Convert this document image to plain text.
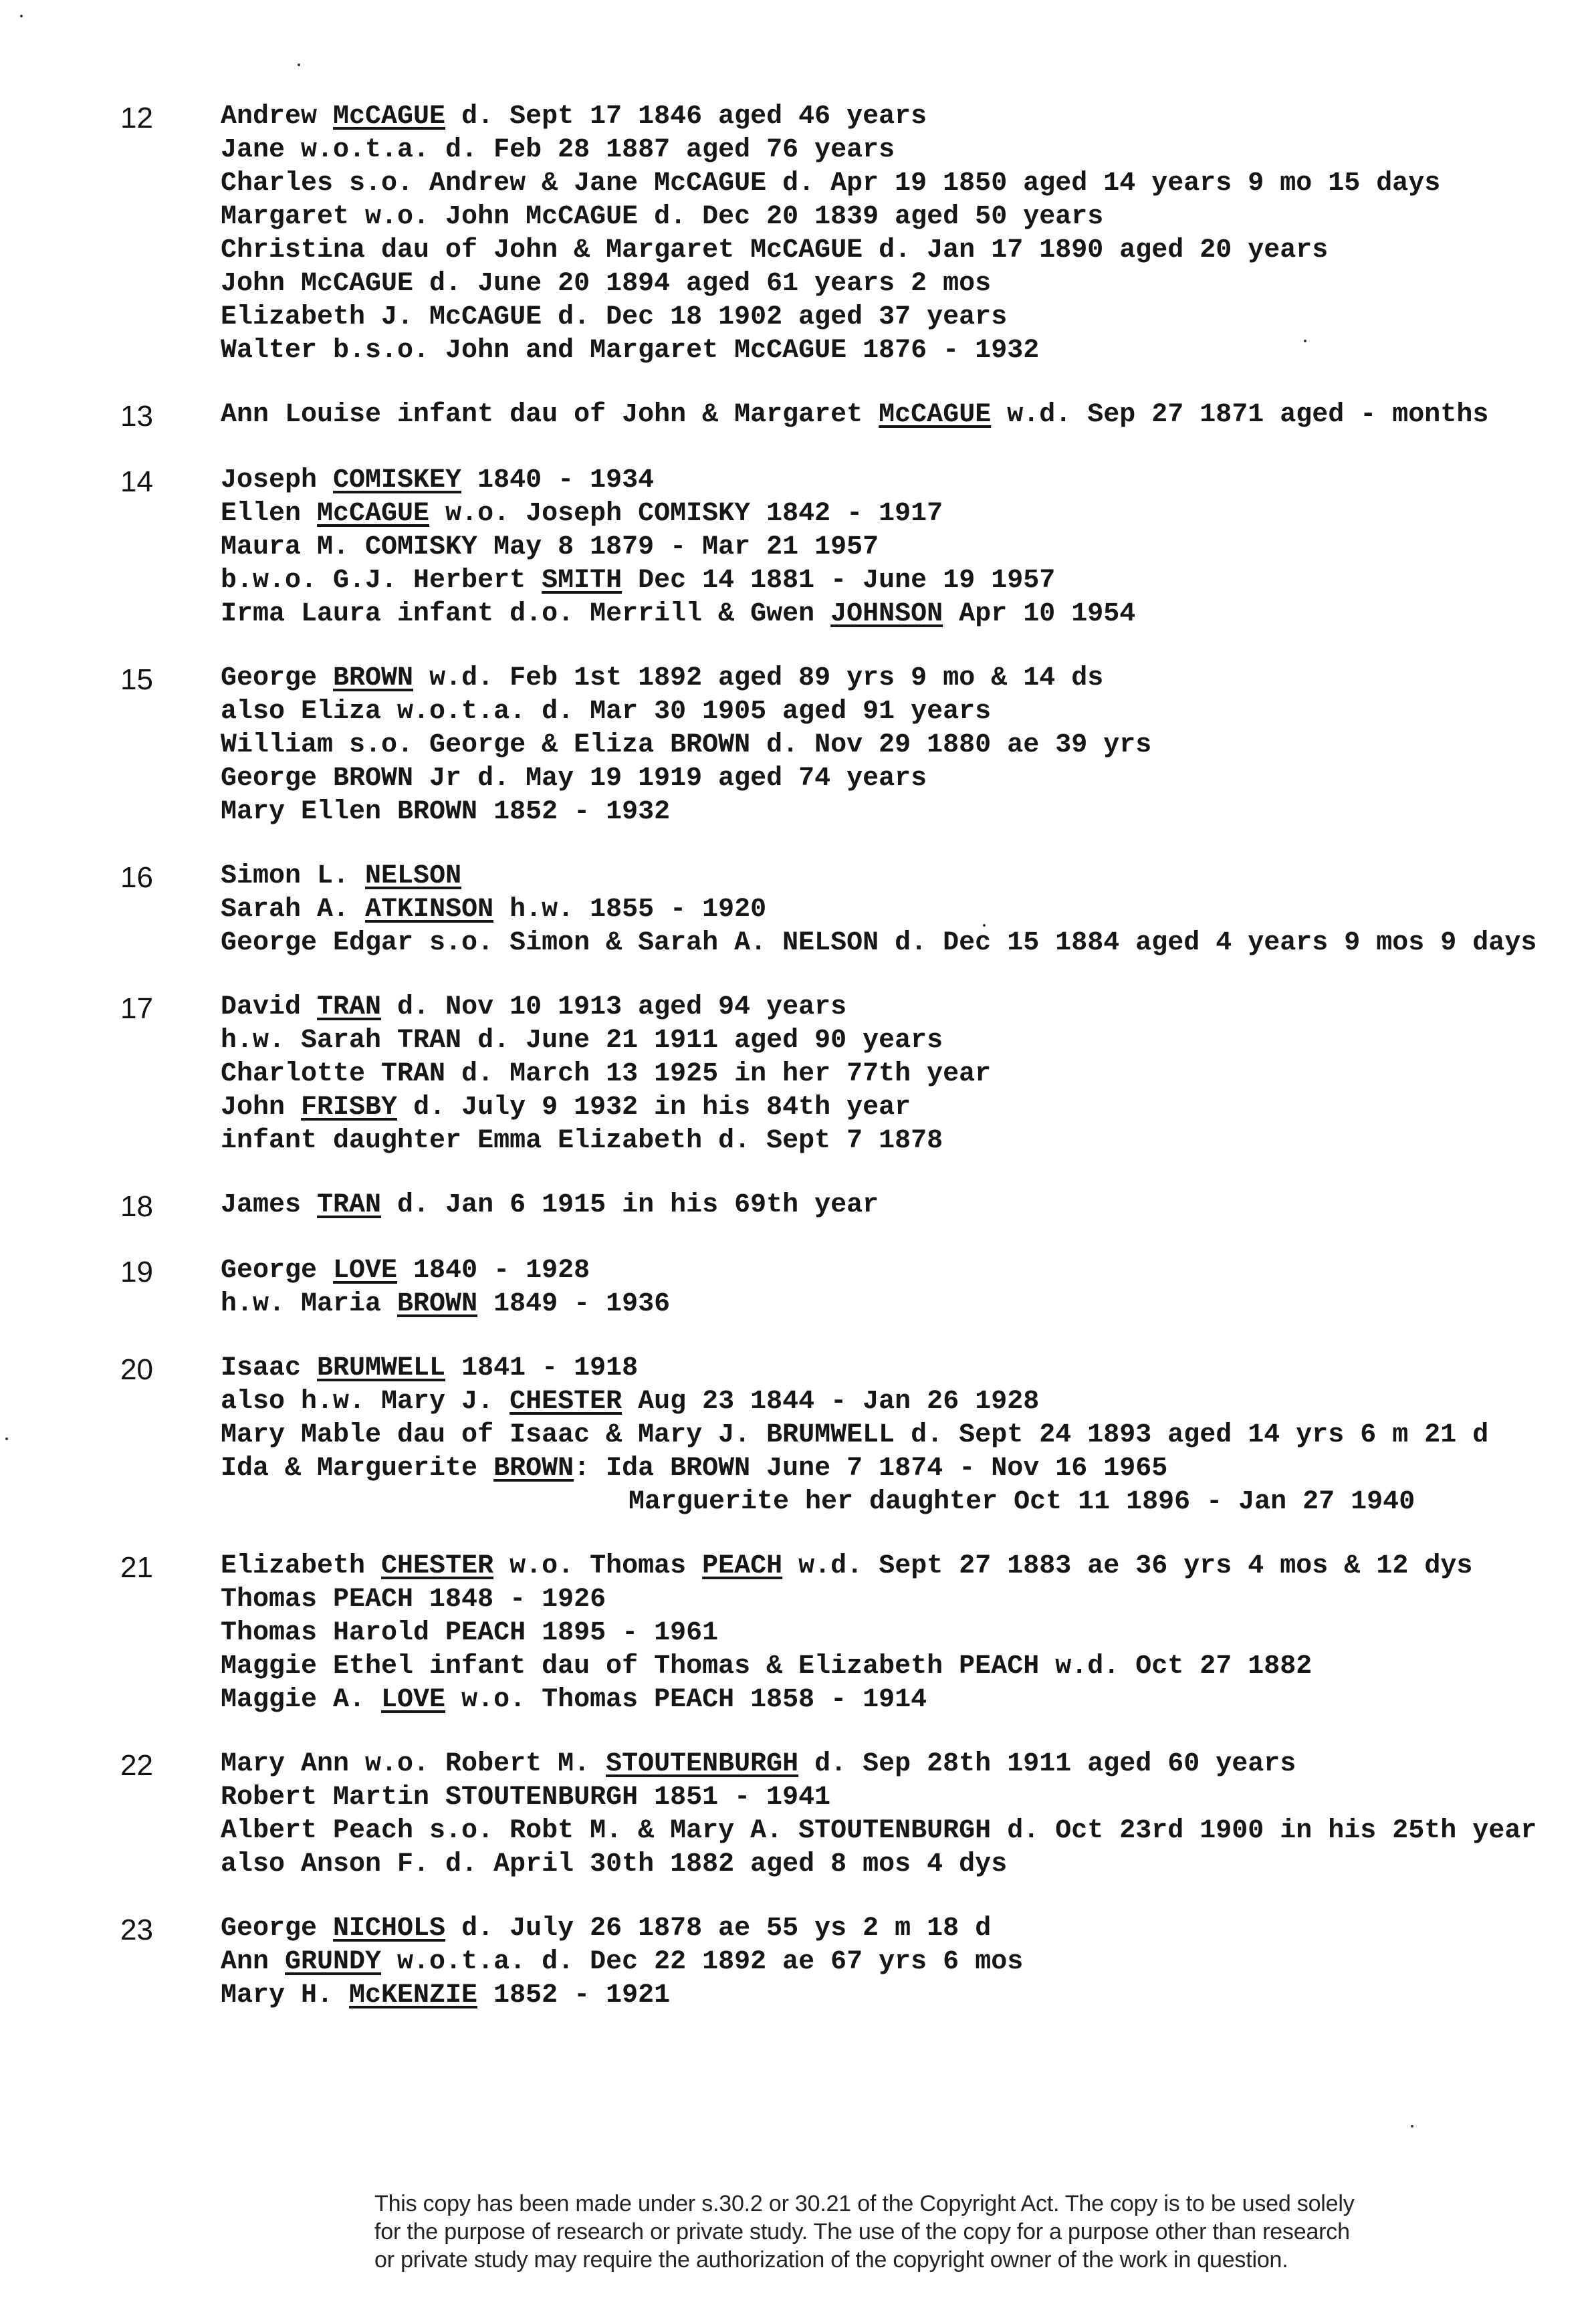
12	Andrew McCAGUE d. Sept 17 1846 aged 46 years
Jane w.o.t.a. d. Feb 28 1887 aged 76 years
Charles s.o. Andrew & Jane McCAGUE d. Apr 19 1850 aged 14 years 9 mo 15 days
Margaret w.o. John McCAGUE d. Dec 20 1839 aged 50 years
Christina dau of John & Margaret McCAGUE d. Jan 17 1890 aged 20 years
John McCAGUE d. June 20 1894 aged 61 years 2 mos
Elizabeth J. McCAGUE d. Dec 18 1902 aged 37 years
Walter b.s.o. John and Margaret McCAGUE 1876 - 1932
13	Ann Louise infant dau of John & Margaret McCAGUE w.d. Sep 27 1871 aged - months
14	Joseph COMISKEY 1840 - 1934
Ellen McCAGUE w.o. Joseph COMISKY 1842 - 1917
Maura M. COMISKY May 8 1879 - Mar 21 1957
b.w.o. G.J. Herbert SMITH Dec 14 1881 - June 19 1957
Irma Laura infant d.o. Merrill & Gwen JOHNSON Apr 10 1954
15	George BROWN w.d. Feb 1st 1892 aged 89 yrs 9 mo & 14 ds
also Eliza w.o.t.a. d. Mar 30 1905 aged 91 years
William s.o. George & Eliza BROWN d. Nov 29 1880 ae 39 yrs
George BROWN Jr d. May 19 1919 aged 74 years
Mary Ellen BROWN 1852 - 1932
16	Simon L. NELSON
Sarah A. ATKINSON h.w. 1855 - 1920
George Edgar s.o. Simon & Sarah A. NELSON d. Dec 15 1884 aged 4 years 9 mos 9 days
17	David TRAN d. Nov 10 1913 aged 94 years
h.w. Sarah TRAN d. June 21 1911 aged 90 years
Charlotte TRAN d. March 13 1925 in her 77th year
John FRISBY d. July 9 1932 in his 84th year
infant daughter Emma Elizabeth d. Sept 7 1878
18	James TRAN d. Jan 6 1915 in his 69th year
19	George LOVE 1840 - 1928
h.w. Maria BROWN 1849 - 1936
20	Isaac BRUMWELL 1841 - 1918
also h.w. Mary J. CHESTER Aug 23 1844 - Jan 26 1928
Mary Mable dau of Isaac & Mary J. BRUMWELL d. Sept 24 1893 aged 14 yrs 6 m 21 d
Ida & Marguerite BROWN: Ida BROWN June 7 1874 - Nov 16 1965
Marguerite her daughter Oct 11 1896 - Jan 27 1940
21	Elizabeth CHESTER w.o. Thomas PEACH w.d. Sept 27 1883 ae 36 yrs 4 mos & 12 dys
Thomas PEACH 1848 - 1926
Thomas Harold PEACH 1895 - 1961
Maggie Ethel infant dau of Thomas & Elizabeth PEACH w.d. Oct 27 1882
Maggie A. LOVE w.o. Thomas PEACH 1858 - 1914
22	Mary Ann w.o. Robert M. STOUTENBURGH d. Sep 28th 1911 aged 60 years
Robert Martin STOUTENBURGH 1851 - 1941
Albert Peach s.o. Robt M. & Mary A. STOUTENBURGH d. Oct 23rd 1900 in his 25th year
also Anson F. d. April 30th 1882 aged 8 mos 4 dys
23	George NICHOLS d. July 26 1878 ae 55 ys 2 m 18 d
Ann GRUNDY w.o.t.a. d. Dec 22 1892 ae 67 yrs 6 mos
Mary H. McKENZIE 1852 - 1921
This copy has been made under s.30.2 or 30.21 of the Copyright Act. The copy is to be used solely
for the purpose of research or private study. The use of the copy for a purpose other than research
or private study may require the authorization of the copyright owner of the work in question.
